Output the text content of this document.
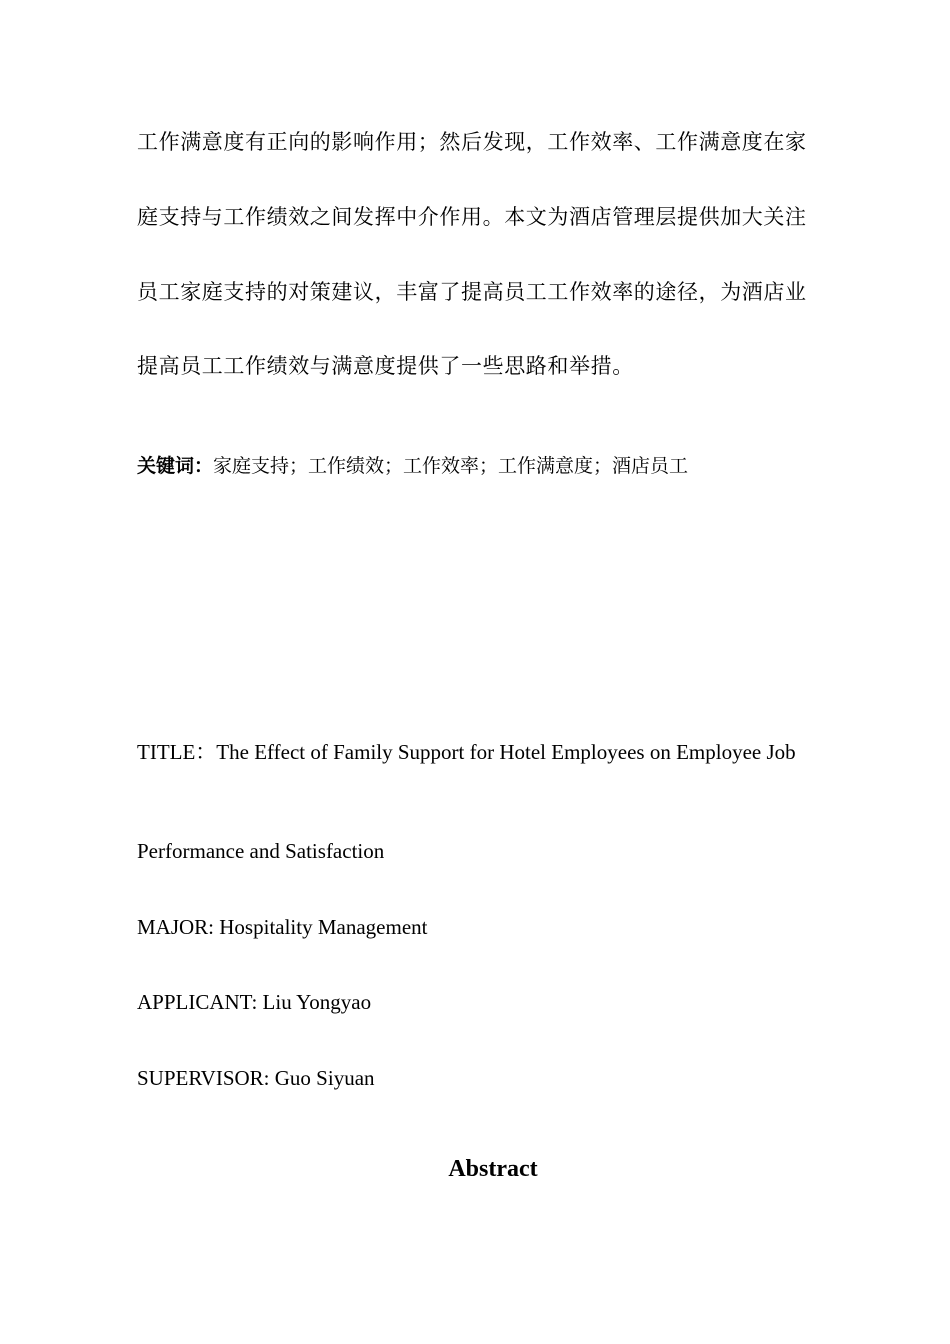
工作满意度有正向的影响作用；然后发现，工作效率、工作满意度在家
庭支持与工作绩效之间发挥中介作用。本文为酒店管理层提供加大关注
员工家庭支持的对策建议，丰富了提高员工工作效率的途径，为酒店业
提高员工工作绩效与满意度提供了一些思路和举措。
关键词：家庭支持；工作绩效；工作效率；工作满意度；酒店员工
TITLE：The Effect of Family Support for Hotel Employees on Employee Job
Performance and Satisfaction
MAJOR: Hospitality Management
APPLICANT: Liu Yongyao
SUPERVISOR: Guo Siyuan
Abstract
